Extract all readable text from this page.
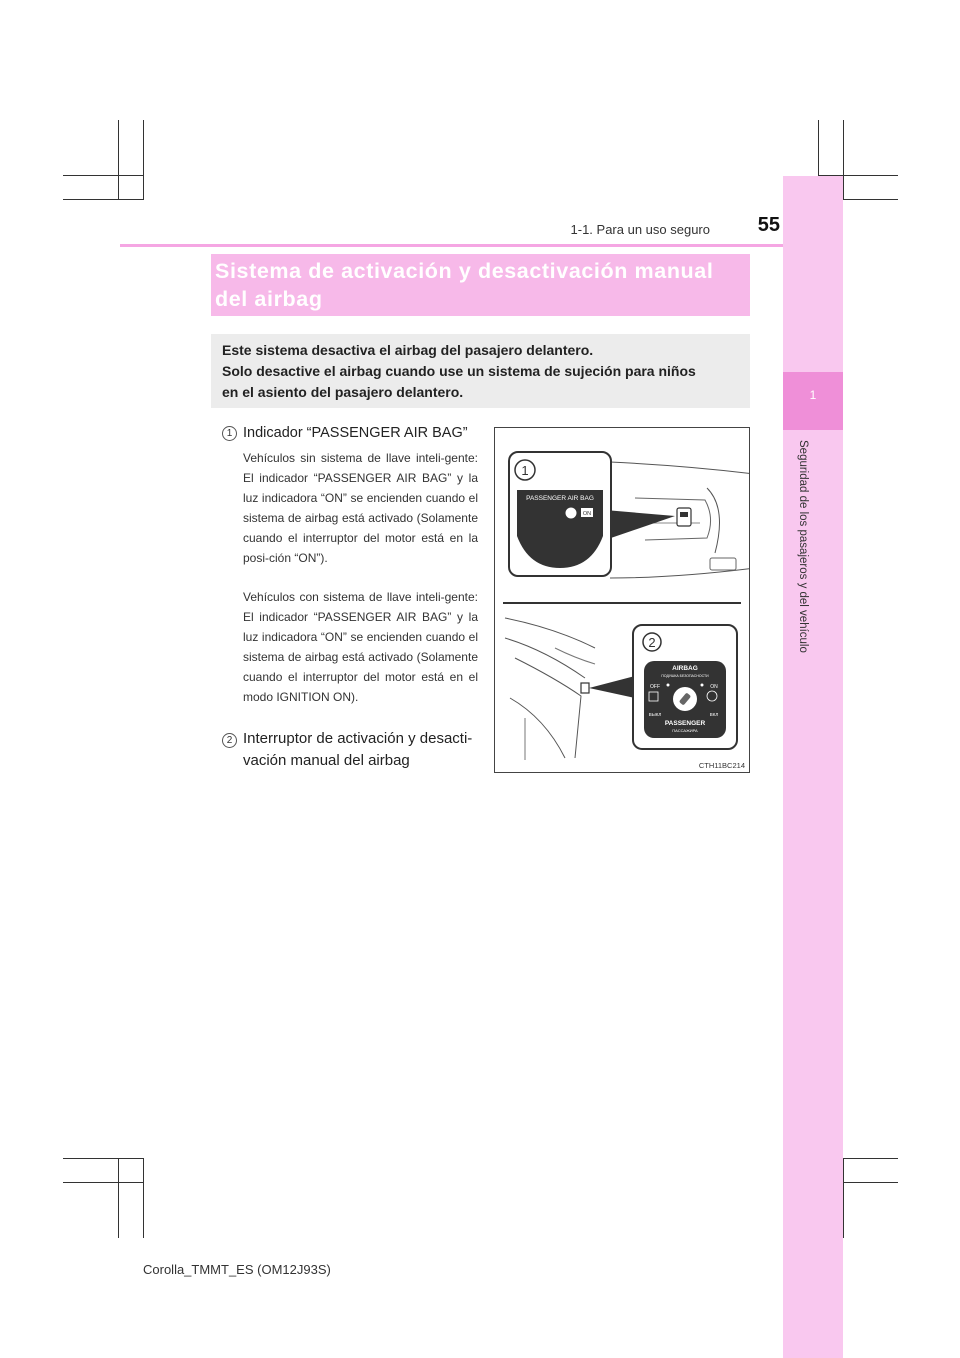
1
Seguridad de los pasajeros y del vehículo
1-1. Para un uso seguro	55
Sistema de activación y desactivación manual
del airbag
Este sistema desactiva el airbag del pasajero delantero.
Solo desactive el airbag cuando use un sistema de sujeción para niños
en el asiento del pasajero delantero.
1 Indicador “PASSENGER AIR BAG”
Vehículos sin sistema de llave inteli-gente: El indicador “PASSENGER AIR BAG” y la luz indicadora “ON” se encienden cuando el sistema de airbag está activado (Solamente cuando el interruptor del motor está en la posi-ción “ON”).
Vehículos con sistema de llave inteli-gente: El indicador “PASSENGER AIR BAG” y la luz indicadora “ON” se encienden cuando el sistema de airbag está activado (Solamente cuando el interruptor del motor está en el modo IGNITION ON).
2 Interruptor de activación y desacti-
vación manual del airbag
1
PASSENGER AIR BAG
ON
2
AIRBAG
ПОДУШКА БЕЗОПАСНОСТИ
OFF	ON
ВЫКЛ	ВКЛ
PASSENGER
ПАССАЖИРА
CTH11BC214
Corolla_TMMT_ES (OM12J93S)
